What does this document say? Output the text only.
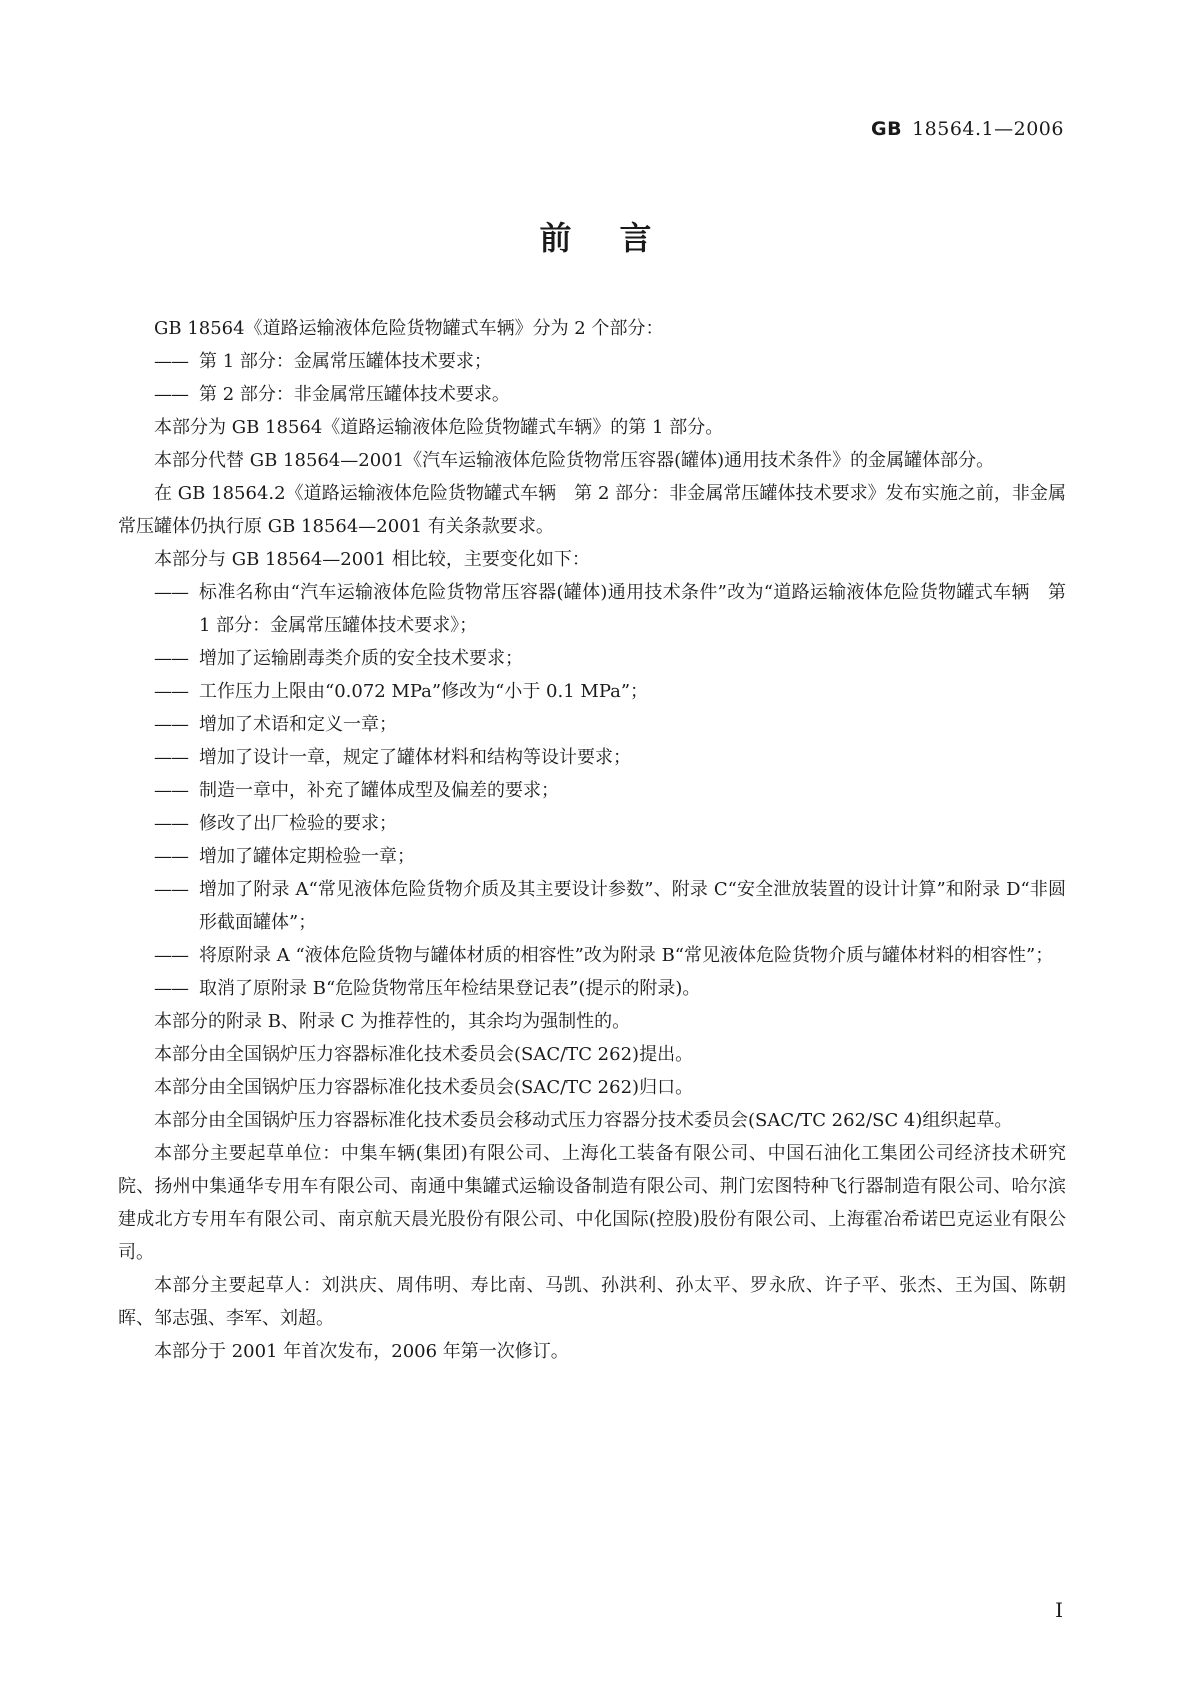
GB 18564.1—2006
前言
GB 18564《道路运输液体危险货物罐式车辆》分为 2 个部分：
—— 第 1 部分：金属常压罐体技术要求；
—— 第 2 部分：非金属常压罐体技术要求。
本部分为 GB 18564《道路运输液体危险货物罐式车辆》的第 1 部分。
本部分代替 GB 18564—2001《汽车运输液体危险货物常压容器(罐体)通用技术条件》的金属罐体部分。
在 GB 18564.2《道路运输液体危险货物罐式车辆　第 2 部分：非金属常压罐体技术要求》发布实施之前，非金属常压罐体仍执行原 GB 18564—2001 有关条款要求。
本部分与 GB 18564—2001 相比较，主要变化如下：
—— 标准名称由“汽车运输液体危险货物常压容器(罐体)通用技术条件”改为“道路运输液体危险货物罐式车辆　第 1 部分：金属常压罐体技术要求》；
—— 增加了运输剧毒类介质的安全技术要求；
—— 工作压力上限由“0.072 MPa”修改为“小于 0.1 MPa”；
—— 增加了术语和定义一章；
—— 增加了设计一章，规定了罐体材料和结构等设计要求；
—— 制造一章中，补充了罐体成型及偏差的要求；
—— 修改了出厂检验的要求；
—— 增加了罐体定期检验一章；
—— 增加了附录 A“常见液体危险货物介质及其主要设计参数”、附录 C“安全泄放装置的设计计算”和附录 D“非圆形截面罐体”；
—— 将原附录 A “液体危险货物与罐体材质的相容性”改为附录 B“常见液体危险货物介质与罐体材料的相容性”；
—— 取消了原附录 B“危险货物常压年检结果登记表”(提示的附录)。
本部分的附录 B、附录 C 为推荐性的，其余均为强制性的。
本部分由全国锅炉压力容器标准化技术委员会(SAC/TC 262)提出。
本部分由全国锅炉压力容器标准化技术委员会(SAC/TC 262)归口。
本部分由全国锅炉压力容器标准化技术委员会移动式压力容器分技术委员会(SAC/TC 262/SC 4)组织起草。
本部分主要起草单位：中集车辆(集团)有限公司、上海化工装备有限公司、中国石油化工集团公司经济技术研究院、扬州中集通华专用车有限公司、南通中集罐式运输设备制造有限公司、荆门宏图特种飞行器制造有限公司、哈尔滨建成北方专用车有限公司、南京航天晨光股份有限公司、中化国际(控股)股份有限公司、上海霍冶希诺巴克运业有限公司。
本部分主要起草人：刘洪庆、周伟明、寿比南、马凯、孙洪利、孙太平、罗永欣、许子平、张杰、王为国、陈朝晖、邹志强、李军、刘超。
本部分于 2001 年首次发布，2006 年第一次修订。
I
